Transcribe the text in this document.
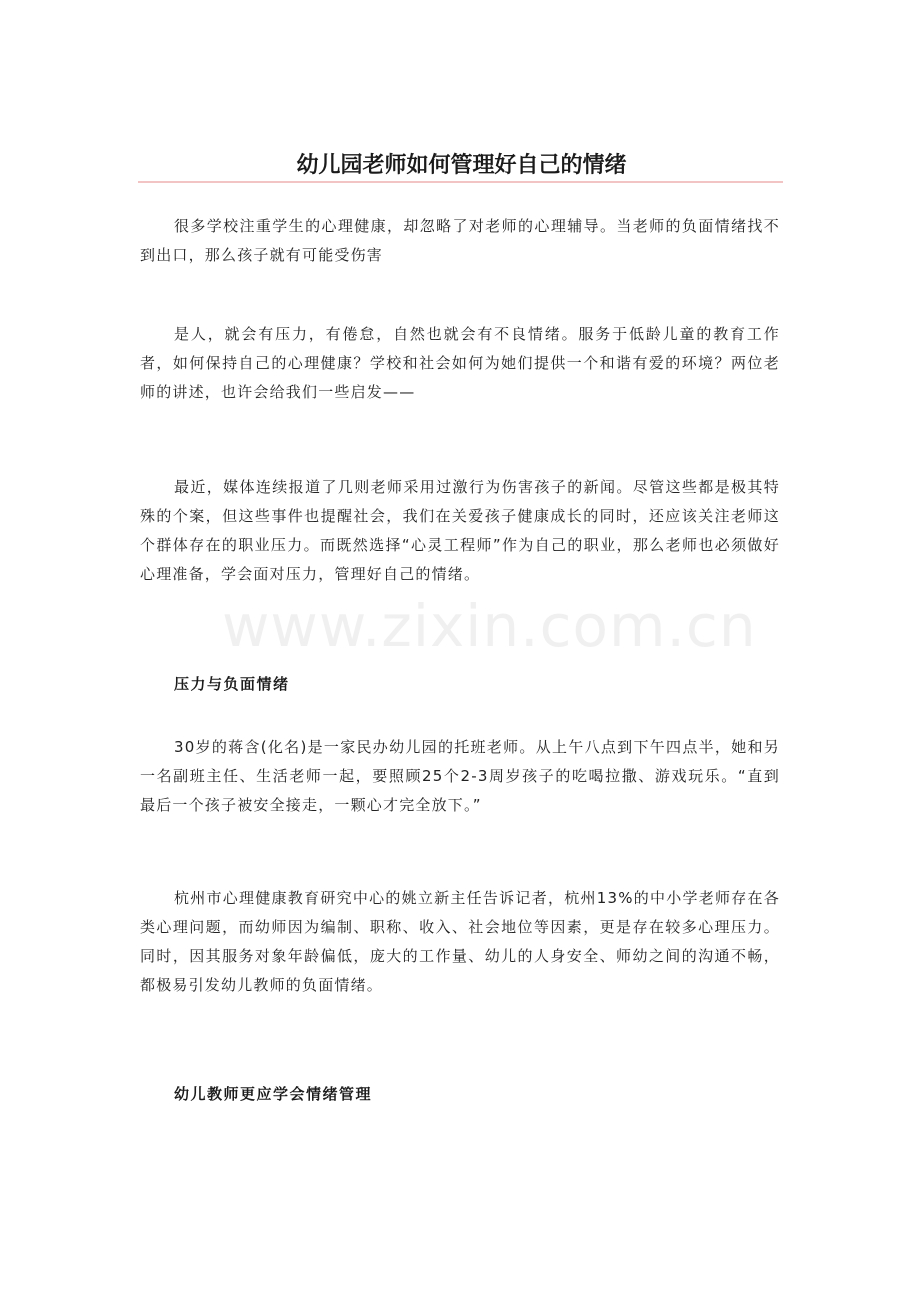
幼儿园老师如何管理好自己的情绪

很多学校注重学生的心理健康，却忽略了对老师的心理辅导。当老师的负面情绪找不到出口，那么孩子就有可能受伤害

是人，就会有压力，有倦怠，自然也就会有不良情绪。服务于低龄儿童的教育工作者，如何保持自己的心理健康？学校和社会如何为她们提供一个和谐有爱的环境？两位老师的讲述，也许会给我们一些启发——

最近，媒体连续报道了几则老师采用过激行为伤害孩子的新闻。尽管这些都是极其特殊的个案，但这些事件也提醒社会，我们在关爱孩子健康成长的同时，还应该关注老师这个群体存在的职业压力。而既然选择“心灵工程师”作为自己的职业，那么老师也必须做好心理准备，学会面对压力，管理好自己的情绪。

www.zixin.com.cn
压力与负面情绪

30岁的蒋含(化名)是一家民办幼儿园的托班老师。从上午八点到下午四点半，她和另一名副班主任、生活老师一起，要照顾25个2-3周岁孩子的吃喝拉撒、游戏玩乐。“直到最后一个孩子被安全接走，一颗心才完全放下。”

杭州市心理健康教育研究中心的姚立新主任告诉记者，杭州13%的中小学老师存在各类心理问题，而幼师因为编制、职称、收入、社会地位等因素，更是存在较多心理压力。同时，因其服务对象年龄偏低，庞大的工作量、幼儿的人身安全、师幼之间的沟通不畅，都极易引发幼儿教师的负面情绪。

幼儿教师更应学会情绪管理
